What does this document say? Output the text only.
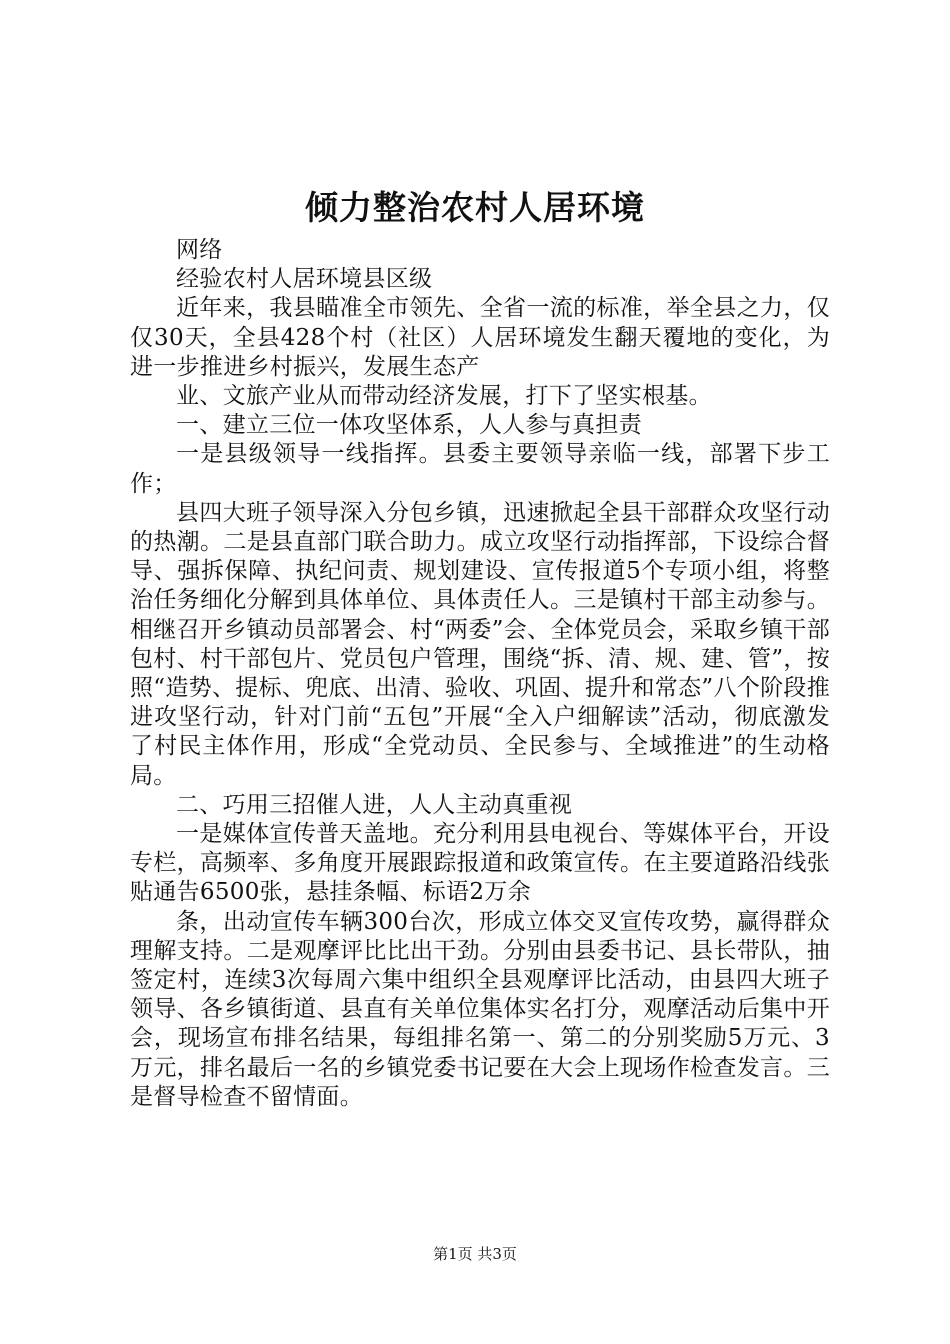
倾力整治农村人居环境

网络

经验农村人居环境县区级

近年来，我县瞄准全市领先、全省一流的标准，举全县之力，仅仅30天，全县428个村（社区）人居环境发生翻天覆地的变化，为进一步推进乡村振兴，发展生态产

业、文旅产业从而带动经济发展，打下了坚实根基。

一、建立三位一体攻坚体系，人人参与真担责

一是县级领导一线指挥。县委主要领导亲临一线，部署下步工作；

县四大班子领导深入分包乡镇，迅速掀起全县干部群众攻坚行动的热潮。二是县直部门联合助力。成立攻坚行动指挥部，下设综合督导、强拆保障、执纪问责、规划建设、宣传报道5个专项小组，将整治任务细化分解到具体单位、具体责任人。三是镇村干部主动参与。相继召开乡镇动员部署会、村“两委”会、全体党员会，采取乡镇干部包村、村干部包片、党员包户管理，围绕“拆、清、规、建、管”，按照“造势、提标、兜底、出清、验收、巩固、提升和常态”八个阶段推进攻坚行动，针对门前“五包”开展“全入户细解读”活动，彻底激发了村民主体作用，形成“全党动员、全民参与、全域推进”的生动格局。

二、巧用三招催人进，人人主动真重视

一是媒体宣传普天盖地。充分利用县电视台、等媒体平台，开设专栏，高频率、多角度开展跟踪报道和政策宣传。在主要道路沿线张贴通告6500张，悬挂条幅、标语2万余

条，出动宣传车辆300台次，形成立体交叉宣传攻势，赢得群众理解支持。二是观摩评比比出干劲。分别由县委书记、县长带队，抽签定村，连续3次每周六集中组织全县观摩评比活动，由县四大班子领导、各乡镇街道、县直有关单位集体实名打分，观摩活动后集中开会，现场宣布排名结果，每组排名第一、第二的分别奖励5万元、3万元，排名最后一名的乡镇党委书记要在大会上现场作检查发言。三是督导检查不留情面。

第1页 共3页
